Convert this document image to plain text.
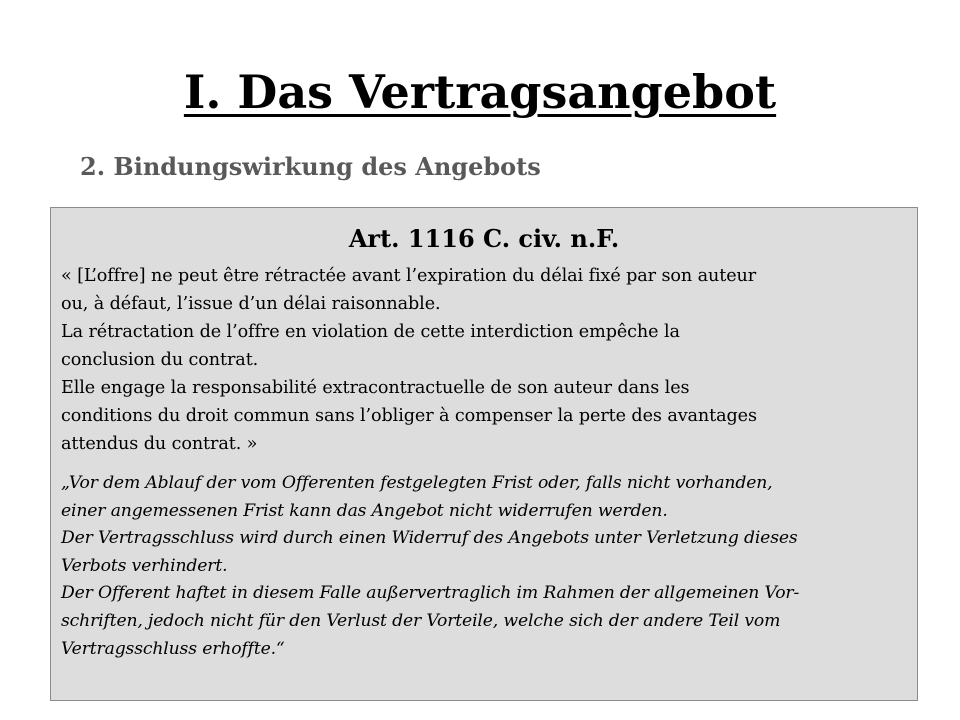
I. Das Vertragsangebot
2. Bindungswirkung des Angebots
Art. 1116 C. civ. n.F.

« [L’offre] ne peut être rétractée avant l’expiration du délai fixé par son auteur
ou, à défaut, l’issue d’un délai raisonnable.
La rétractation de l’offre en violation de cette interdiction empêche la
conclusion du contrat.
Elle engage la responsabilité extracontractuelle de son auteur dans les
conditions du droit commun sans l’obliger à compenser la perte des avantages
attendus du contrat. »

„Vor dem Ablauf der vom Offerenten festgelegten Frist oder, falls nicht vorhanden,
einer angemessenen Frist kann das Angebot nicht widerrufen werden.
Der Vertragsschluss wird durch einen Widerruf des Angebots unter Verletzung dieses
Verbots verhindert.
Der Offerent haftet in diesem Falle außervertraglich im Rahmen der allgemeinen Vor-
schriften, jedoch nicht für den Verlust der Vorteile, welche sich der andere Teil vom
Vertragsschluss erhoffte.“
